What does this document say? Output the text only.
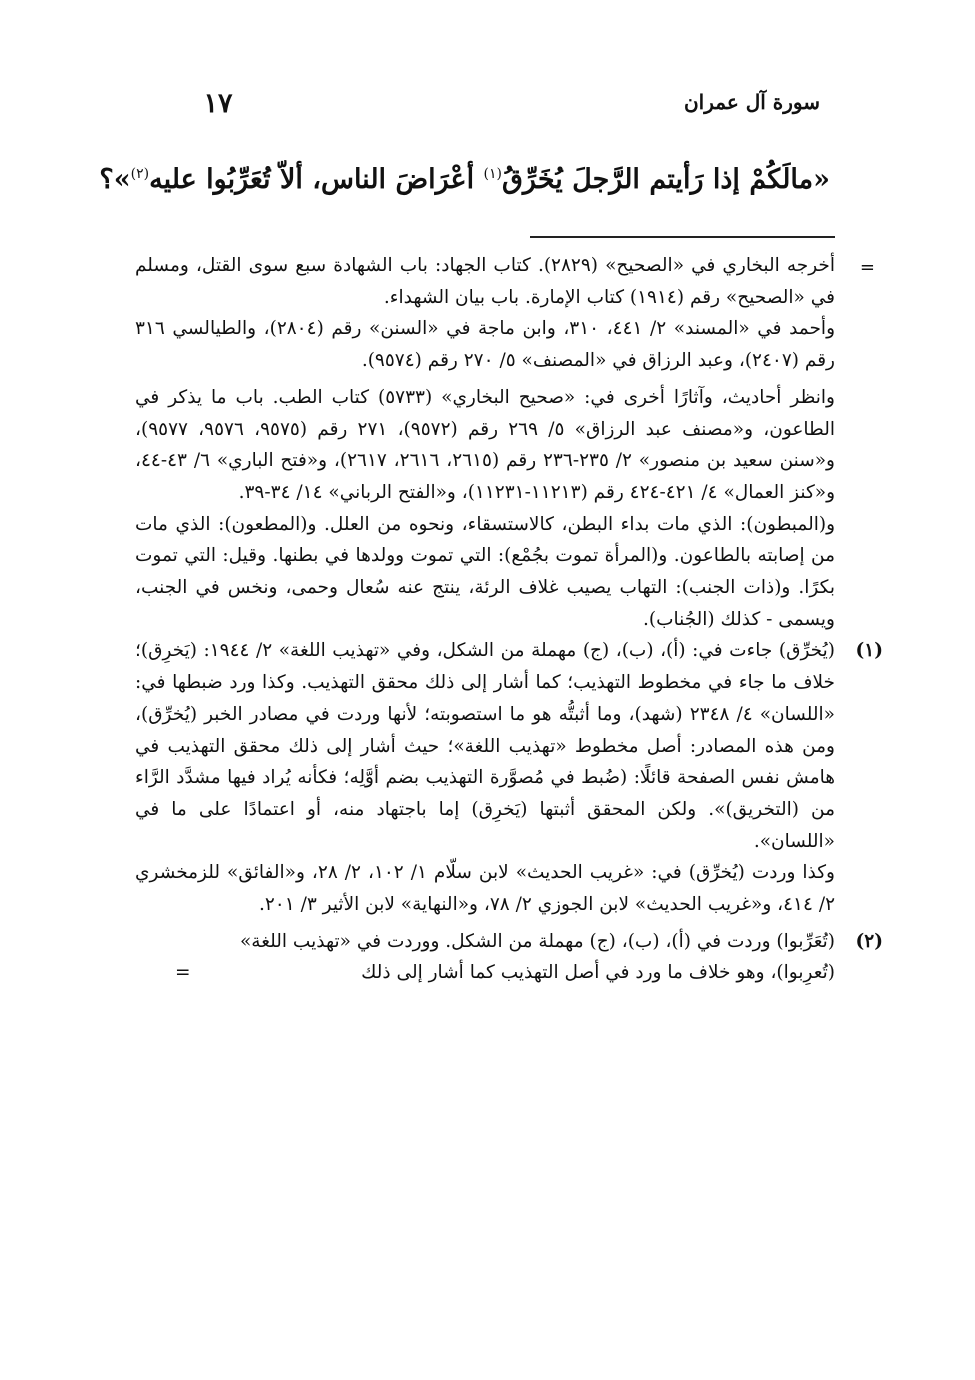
١٧	سورة آل عمران
«مالَكُمْ إذا رَأيتم الرَّجلَ يُخَرِّقُ$^{(١)}$ أعْرَاضَ الناس، ألاّ تُعَرِّبُوا عليه$^{(٢)}$»؟
=

أخرجه البخاري في «الصحيح» (٢٨٢٩). كتاب الجهاد: باب الشهادة سبع سوى القتل، ومسلم في «الصحيح» رقم (١٩١٤) كتاب الإمارة. باب بيان الشهداء.

وأحمد في «المسند» ٢/ ٤٤١، ٣١٠، وابن ماجة في «السنن» رقم (٢٨٠٤)، والطيالسي ٣١٦ رقم (٢٤٠٧)، وعبد الرزاق في «المصنف» ٥/ ٢٧٠ رقم (٩٥٧٤).

وانظر أحاديث، وآثارًا أخرى في: «صحيح البخاري» (٥٧٣٣) كتاب الطب. باب ما يذكر في الطاعون، و«مصنف عبد الرزاق» ٥/ ٢٦٩ رقم (٩٥٧٢)، ٢٧١ رقم (٩٥٧٥، ٩٥٧٦، ٩٥٧٧)، و«سنن سعيد بن منصور» ٢/ ٢٣٥-٢٣٦ رقم (٢٦١٥، ٢٦١٦، ٢٦١٧)، و«فتح الباري» ٦/ ٤٣-٤٤، و«كنز العمال» ٤/ ٤٢١-٤٢٤ رقم (١١٢١٣-١١٢٣١)، و«الفتح الرباني» ١٤/ ٣٤-٣٩.

و(المبطون): الذي مات بداء البطن، كالاستسقاء، ونحوه من العلل. و(المطعون): الذي مات من إصابته بالطاعون. و(المرأة تموت بجُمْع): التي تموت وولدها في بطنها. وقيل: التي تموت بكرًا. و(ذات الجنب): التهاب يصيب غلاف الرئة، ينتج عنه سُعال وحمى، ونخس في الجنب، ويسمى - كذلك (الجُناب).

(١)

(يُخرِّق) جاءت في: (أ)، (ب)، (ج) مهملة من الشكل، وفي «تهذيب اللغة» ٢/ ١٩٤٤: (يَخرِق)؛ خلاف ما جاء في مخطوط التهذيب؛ كما أشار إلى ذلك محقق التهذيب. وكذا ورد ضبطها في: «اللسان» ٤/ ٢٣٤٨ (شهد)، وما أثبتُّه هو ما استصوبته؛ لأنها وردت في مصادر الخبر (يُخرِّق)، ومن هذه المصادر: أصل مخطوط «تهذيب اللغة»؛ حيث أشار إلى ذلك محقق التهذيب في هامش نفس الصفحة قائلًا: (ضُبط في مُصوَّرة التهذيب بضم أوَّلِه؛ فكأنه يُراد فيها مشدَّد الرَّاء من (التخريق)». ولكن المحقق أثبتها (يَخرِق) إما باجتهاد منه، أو اعتمادًا على ما في «اللسان».

وكذا وردت (يُخرِّق) في: «غريب الحديث» لابن سلّام ١/ ١٠٢، ٢/ ٢٨، و«الفائق» للزمخشري ٢/ ٤١٤، و«غريب الحديث» لابن الجوزي ٢/ ٧٨، و«النهاية» لابن الأثير ٣/ ٢٠١.

(٢)
(تُعَرِّبوا) وردت في (أ)، (ب)، (ج) مهملة من الشكل. ووردت في «تهذيب اللغة»
(تُعرِبوا)، وهو خلاف ما ورد في أصل التهذيب كما أشار إلى ذلك
=
